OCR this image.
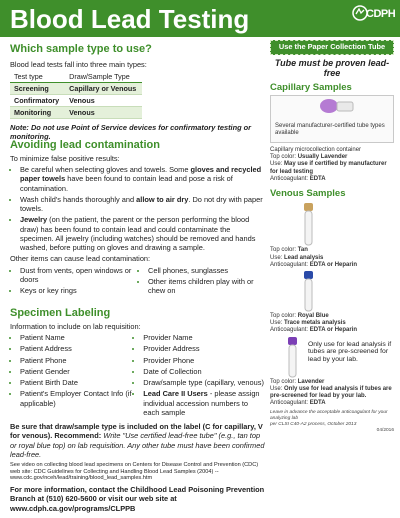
Blood Lead Testing	CDPH
Which sample type to use?

Blood lead tests fall into three main types:

Test type	Draw/Sample Type
Screening	Capillary or Venous
Confirmatory	Venous
Monitoring	Venous

Note: Do not use Point of Service devices for confirmatory testing or monitoring.

Avoiding lead contamination

To minimize false positive results:

• Be careful when selecting gloves and towels. Some gloves and recycled paper towels have been found to contain lead and pose a risk of contamination.
• Wash child's hands thoroughly and allow to air dry. Do not dry with paper towels.
• Jewelry (on the patient, the parent or the person performing the blood draw) has been found to contain lead and could contaminate the specimen. All jewelry (including watches) should be removed and hands washed, before putting on gloves and drawing a sample.

Other items can cause lead contamination:

• Dust from vents, open windows or doors
• Keys or key rings
• Cell phones, sunglasses
• Other items children play with or chew on
Specimen Labeling

Information to include on lab requisition:

• Patient Name
• Patient Address
• Patient Phone
• Patient Gender
• Patient Birth Date
• Patient's Employer Contact Info (if applicable)
• Provider Name
• Provider Address
• Provider Phone
• Date of Collection
• Draw/sample type (capillary, venous)
• Lead Care II Users - please assign individual accession numbers to each sample

Be sure that draw/sample type is included on the label (C for capillary, V for venous). Recommend: Write "Use certified lead-free tube" (e.g., tan top or royal blue top) on lab requisition. Any other tube must have been confirmed lead-free.

See video on collecting blood lead specimens on Centers for Disease Control and Prevention (CDC) web site: CDC Guidelines for Collecting and Handling Blood Lead Samples (2004) -- www.cdc.gov/nceh/lead/training/blood_lead_samples.htm

For more information, contact the Childhood Lead Poisoning Prevention Branch at (510) 620-5600 or visit our web site at www.cdph.ca.gov/programs/CLPPB

Use the Paper Collection Tube

Tube must be proven lead-free

Capillary Samples

Several manufacturer-certified tube types available

Capillary microcollection container

Top color: Usually Lavender

Use: May use if certified by manufacturer for lead testing

Anticoagulant: EDTA

Venous Samples

Top color: Tan

Use: Lead analysis

Anticoagulant: EDTA or Heparin

Top color: Royal Blue

Use: Trace metals analysis

Anticoagulant: EDTA or Heparin

Only use for lead analysis if tubes are pre-screened for lead by your lab.

Top color: Lavender

Use: Only use for lead analysis if tubes are pre-screened for lead by your lab.

Anticoagulant: EDTA

Leave in advance the acceptable anticoagulant for your analyzing lab

per CLSI C40-A2 process, October 2013

04/2016
